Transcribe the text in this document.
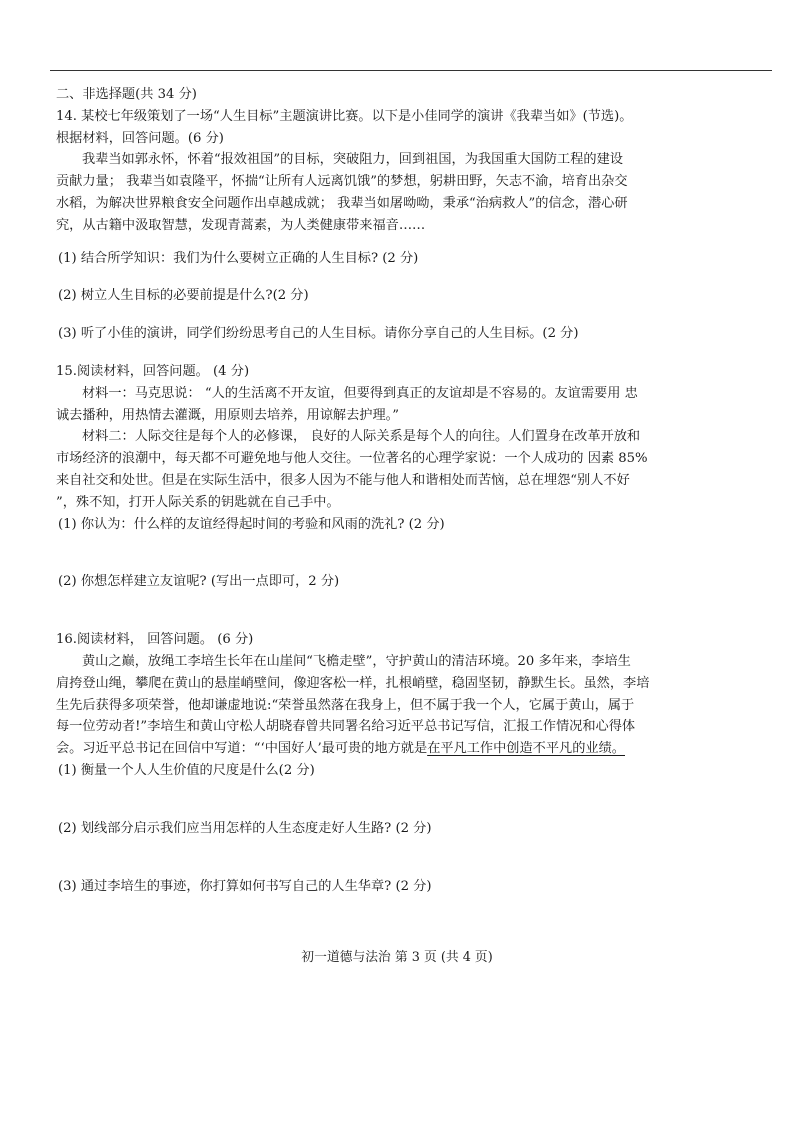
二、非选择题(共 34 分)
14. 某校七年级策划了一场“人生目标”主题演讲比赛。以下是小佳同学的演讲《我辈当如》(节选)。
根据材料，回答问题。(6 分)
我辈当如郭永怀，怀着“报效祖国”的目标，突破阻力，回到祖国，为我国重大国防工程的建设
贡献力量； 我辈当如袁隆平，怀揣“让所有人远离饥饿”的梦想，躬耕田野，矢志不渝，培育出杂交
水稻，为解决世界粮食安全问题作出卓越成就； 我辈当如屠呦呦，秉承“治病救人”的信念，潜心研
究，从古籍中汲取智慧，发现青蒿素，为人类健康带来福音……
(1) 结合所学知识：我们为什么要树立正确的人生目标? (2 分)
(2) 树立人生目标的必要前提是什么?(2 分)
(3) 听了小佳的演讲，同学们纷纷思考自己的人生目标。请你分享自己的人生目标。(2 分)
15.阅读材料，回答问题。 (4 分)
材料一：马克思说： “人的生活离不开友谊，但要得到真正的友谊却是不容易的。友谊需要用 忠
诚去播种，用热情去灌溉，用原则去培养，用谅解去护理。”
材料二：人际交往是每个人的必修课， 良好的人际关系是每个人的向往。人们置身在改革开放和
市场经济的浪潮中，每天都不可避免地与他人交往。一位著名的心理学家说：一个人成功的 因素 85%
来自社交和处世。但是在实际生活中，很多人因为不能与他人和谐相处而苦恼，总在埋怨“别人不好
”，殊不知，打开人际关系的钥匙就在自己手中。
(1) 你认为：什么样的友谊经得起时间的考验和风雨的洗礼? (2 分)
(2) 你想怎样建立友谊呢? (写出一点即可，2 分)
16.阅读材料， 回答问题。 (6 分)
黄山之巅，放绳工李培生长年在山崖间“飞檐走壁”，守护黄山的清洁环境。20 多年来，李培生
肩挎登山绳，攀爬在黄山的悬崖峭壁间，像迎客松一样，扎根峭壁，稳固坚韧，静默生长。虽然，李培
生先后获得多项荣誉，他却谦虚地说:“荣誉虽然落在我身上，但不属于我一个人，它属于黄山，属于
每一位劳动者!”李培生和黄山守松人胡晓春曾共同署名给习近平总书记写信，汇报工作情况和心得体
会。习近平总书记在回信中写道：“‘中国好人’最可贵的地方就是在平凡工作中创造不平凡的业绩。
(1) 衡量一个人人生价值的尺度是什么(2 分)
(2) 划线部分启示我们应当用怎样的人生态度走好人生路? (2 分)
(3) 通过李培生的事迹，你打算如何书写自己的人生华章? (2 分)
初一道德与法治 第 3 页 (共 4 页)
